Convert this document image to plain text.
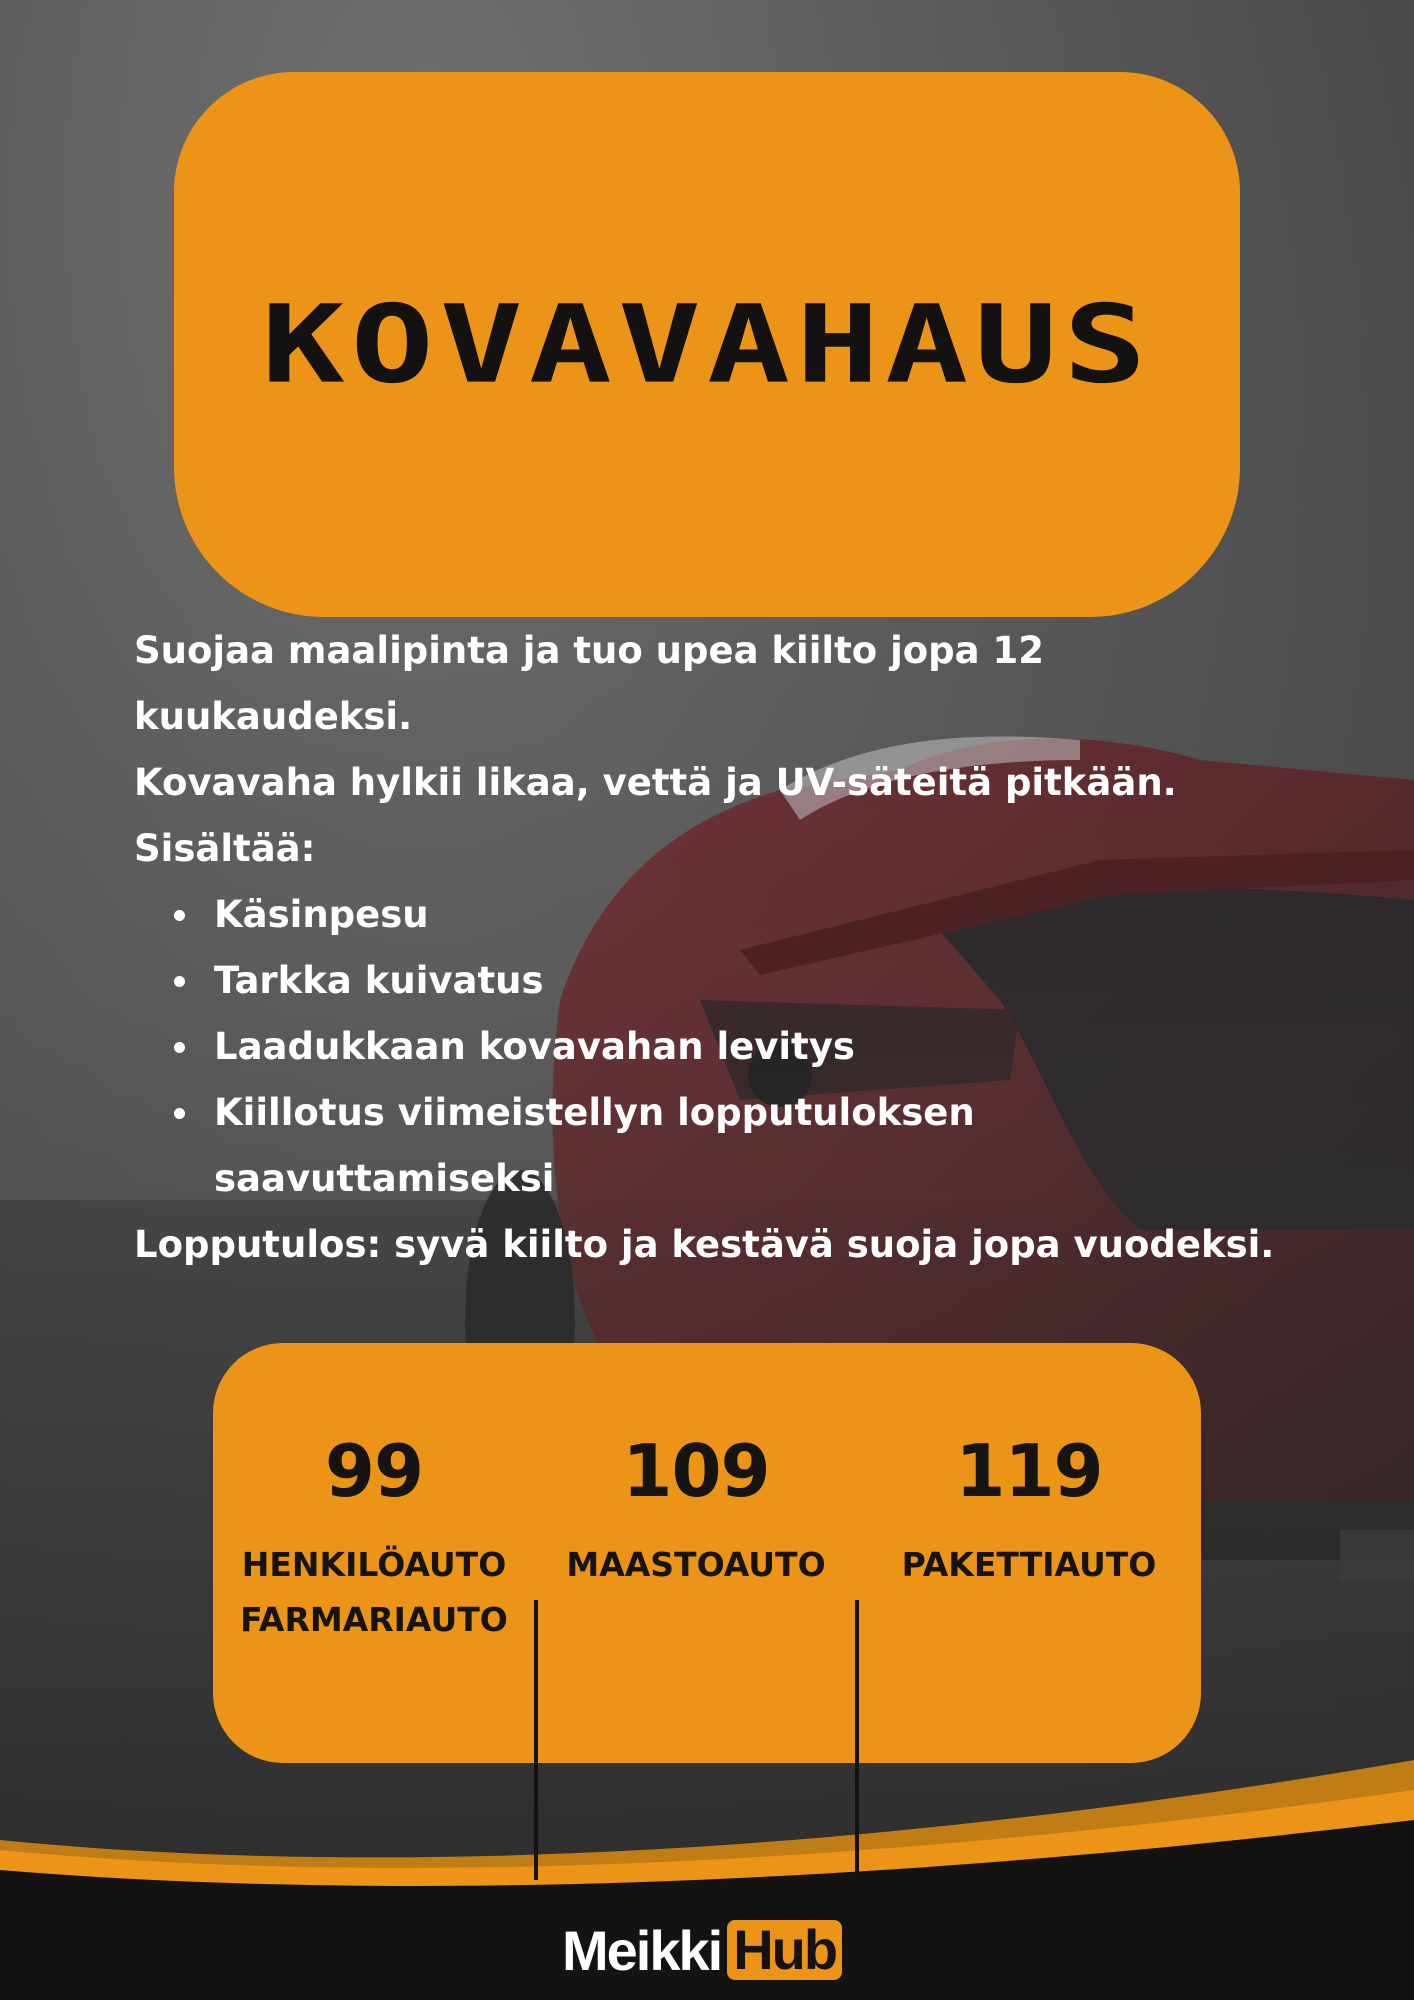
KOVAVAHAUS

Suojaa maalipinta ja tuo upea kiilto jopa 12 kuukaudeksi.

Kovavaha hylkii likaa, vettä ja UV-säteitä pitkään.

Sisältää:

Käsinpesu
Tarkka kuivatus
Laadukkaan kovavahan levitys
Kiillotus viimeistellyn lopputuloksen saavuttamiseksi

Lopputulos: syvä kiilto ja kestävä suoja jopa vuodeksi.

99
HENKILÖAUTO
FARMARIAUTO
109
MAASTOAUTO
119
PAKETTIAUTO
Meikki Hub
